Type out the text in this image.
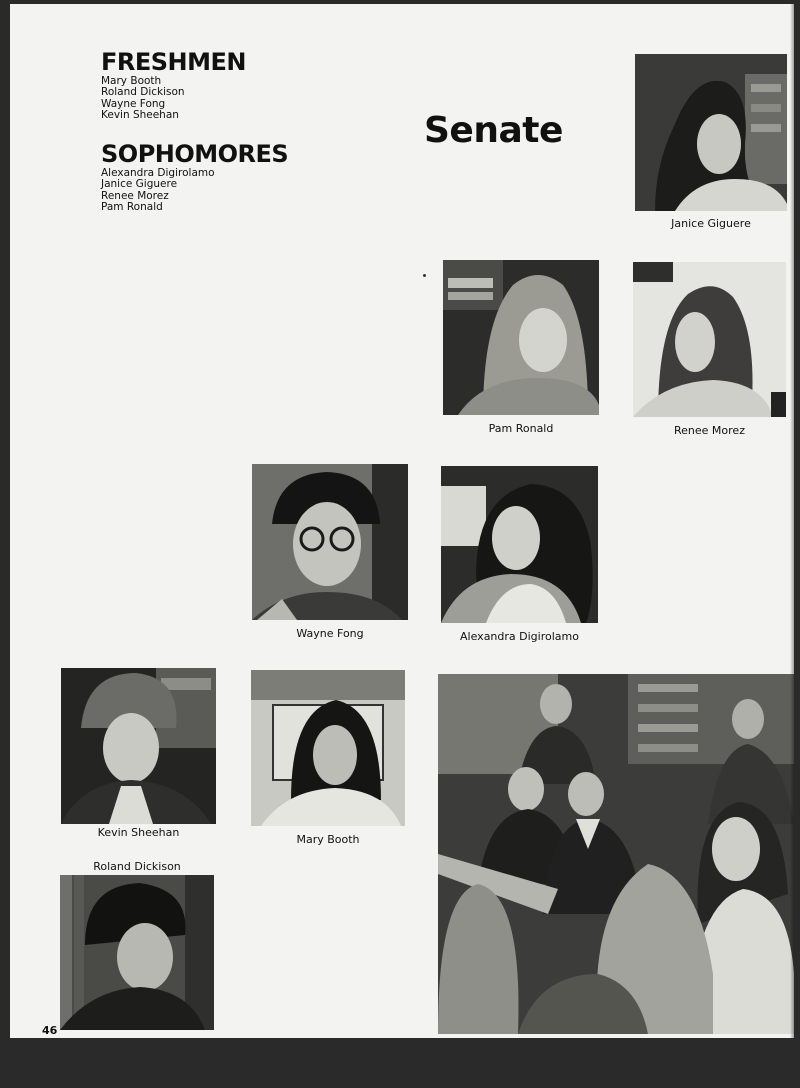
FRESHMEN
Mary Booth
Roland Dickison
Wayne Fong
Kevin Sheehan
SOPHOMORES
Alexandra Digirolamo
Janice Giguere
Renee Morez
Pam Ronald
Senate
Janice Giguere
Pam Ronald	Renee Morez
Wayne Fong	Alexandra Digirolamo
Kevin Sheehan
Mary Booth
Roland Dickison
46
